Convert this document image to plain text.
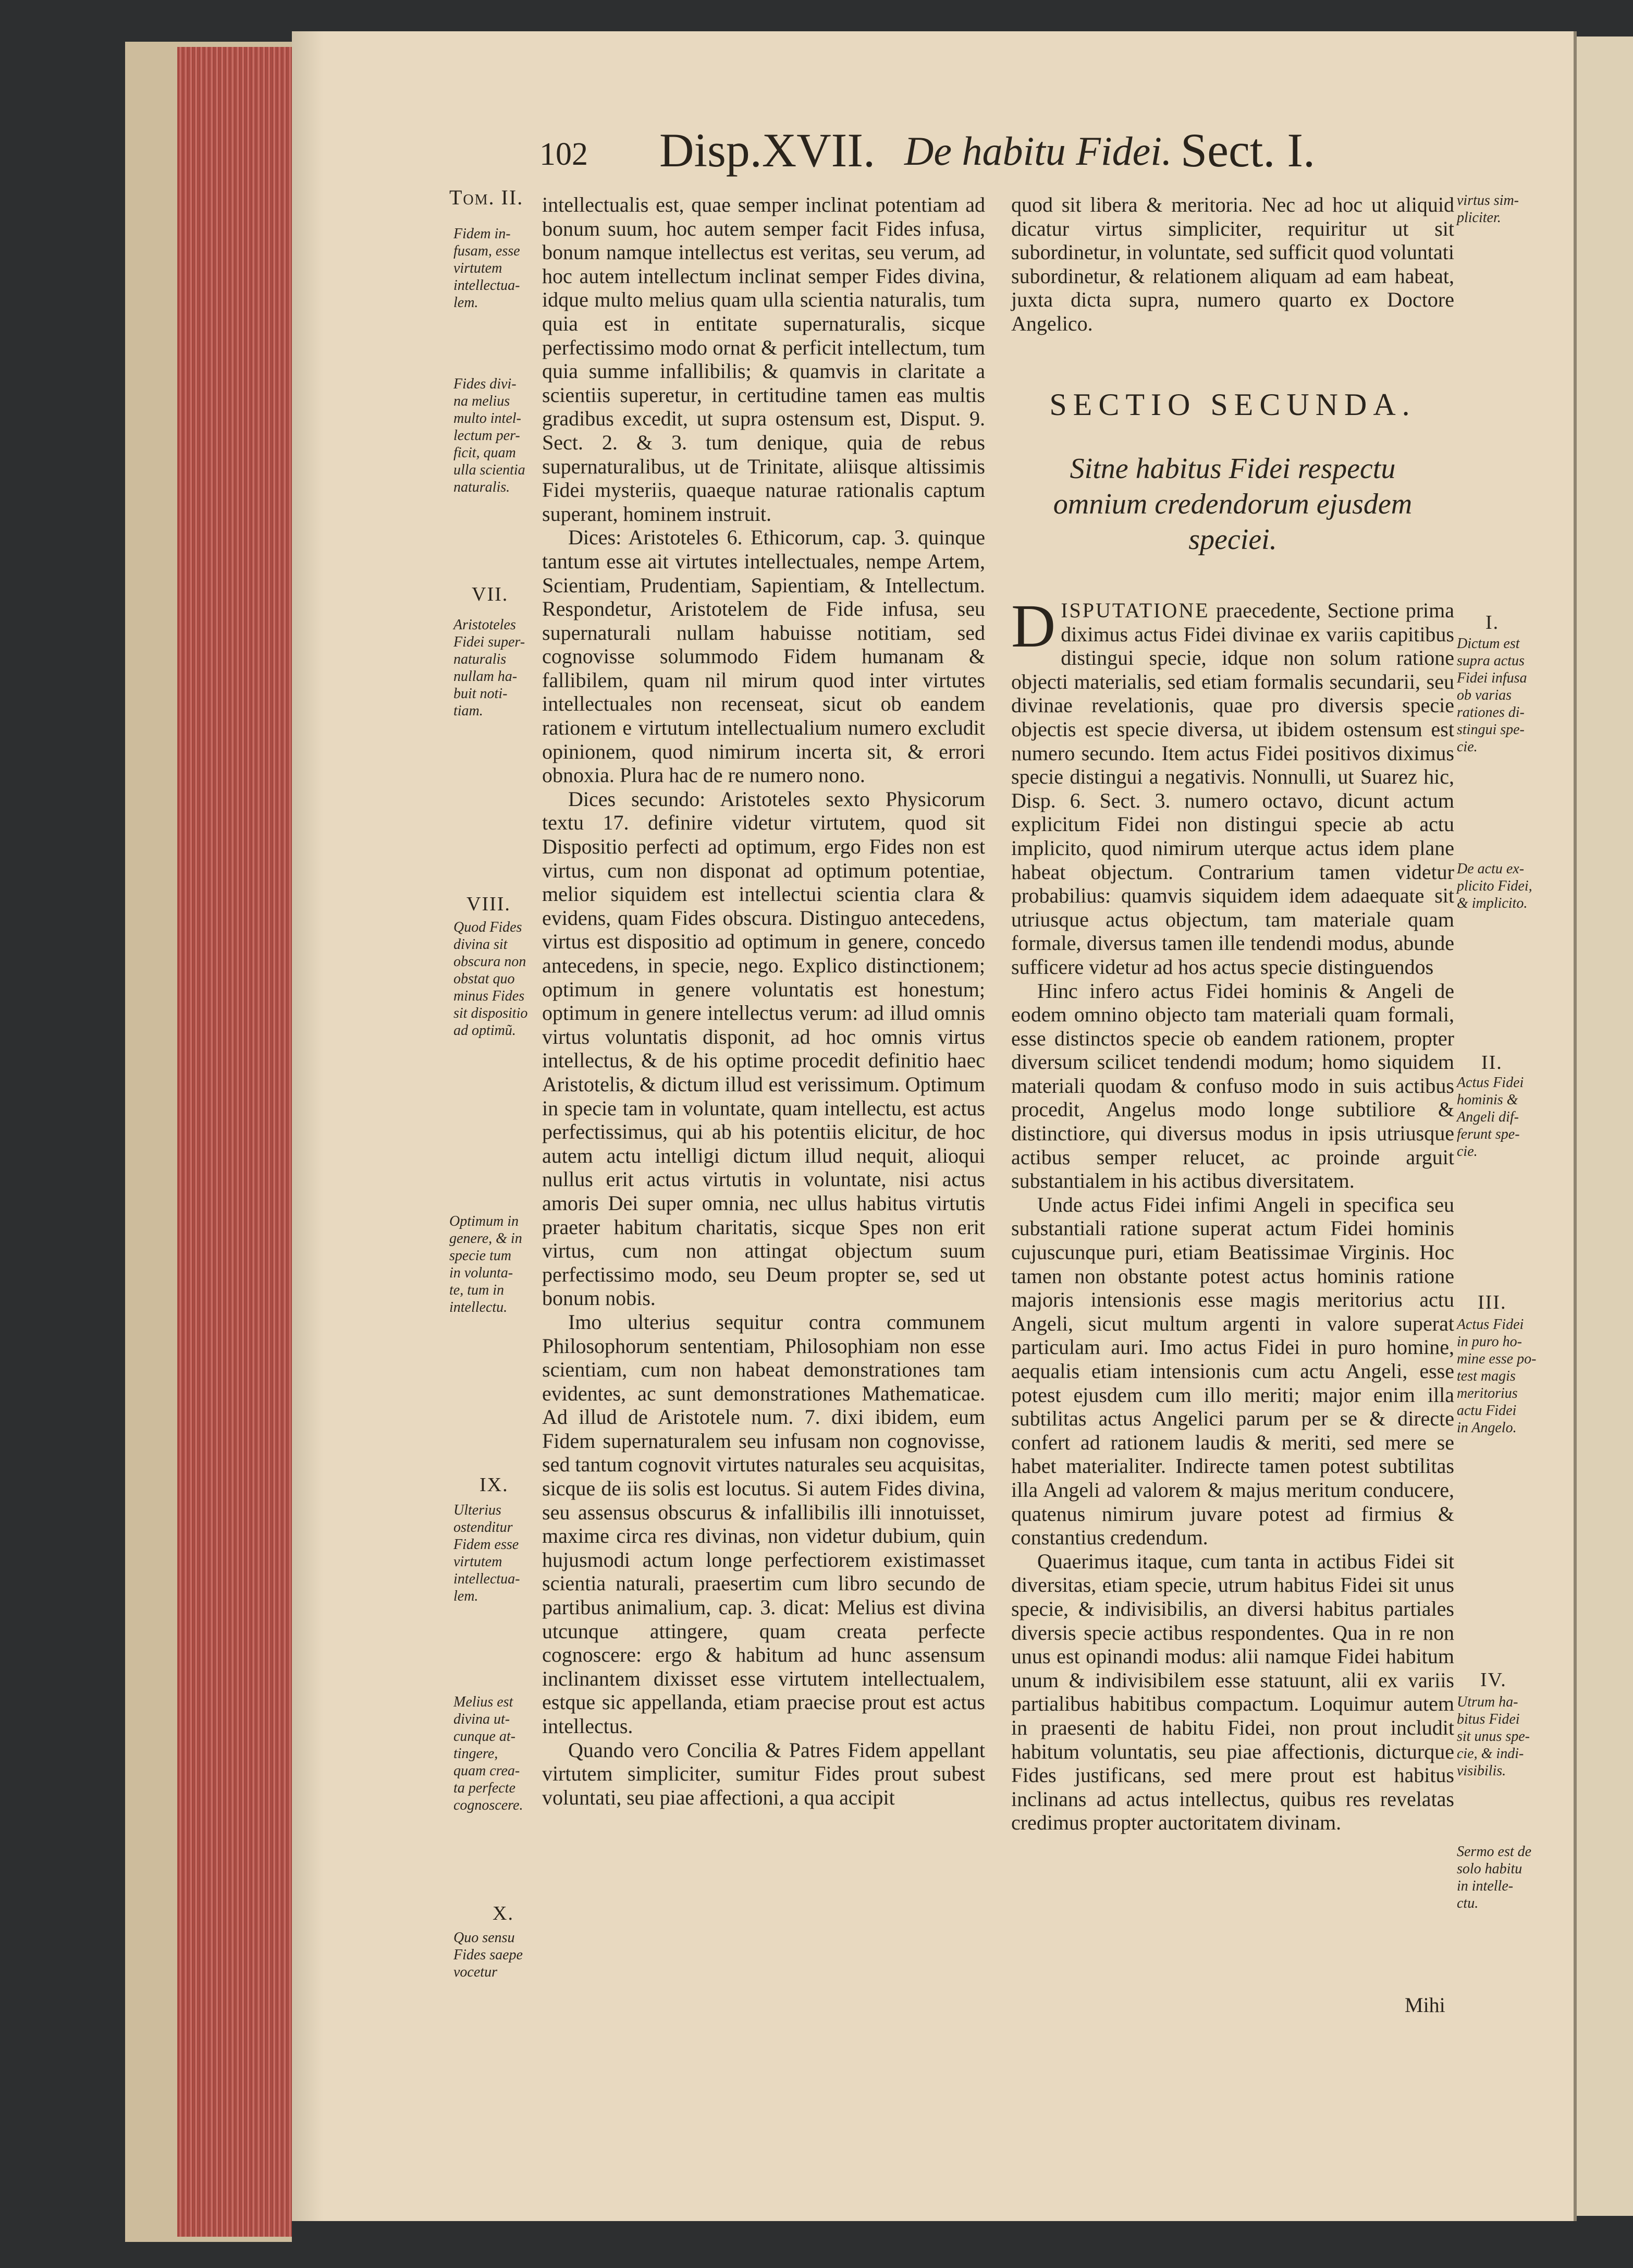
102 Disp.XVII. De habitu Fidei. Sect. I.
Tom. II.
Fidem in-
fusam, esse
virtutem
intellectua-
lem.
Fides divi-
na melius
multo intel-
lectum per-
ficit, quam
ulla scientia
naturalis.
VII.
Aristoteles
Fidei super-
naturalis
nullam ha-
buit noti-
tiam.
VIII.
Quod Fides
divina sit
obscura non
obstat quo
minus Fides
sit dispositio
ad optimũ.
Optimum in
genere, & in
specie tum
in volunta-
te, tum in
intellectu.
IX.
Ulterius
ostenditur
Fidem esse
virtutem
intellectua-
lem.
Melius est
divina ut-
cunque at-
tingere,
quam crea-
ta perfecte
cognoscere.
X.
Quo sensu
Fides saepe
vocetur

intellectualis est, quae semper inclinat potentiam ad bonum suum, hoc autem semper facit Fides infusa, bonum namque intellectus est veritas, seu verum, ad hoc autem intellectum inclinat semper Fides divina, idque multo melius quam ulla scientia naturalis, tum quia est in entitate supernaturalis, sicque perfectissimo modo ornat & perficit intellectum, tum quia summe infallibilis; & quamvis in claritate a scientiis superetur, in certitudine tamen eas multis gradibus excedit, ut supra ostensum est, Disput. 9. Sect. 2. & 3. tum denique, quia de rebus supernaturalibus, ut de Trinitate, aliisque altissimis Fidei mysteriis, quaeque naturae rationalis captum superant, hominem instruit.

Dices: Aristoteles 6. Ethicorum, cap. 3. quinque tantum esse ait virtutes intellectuales, nempe Artem, Scientiam, Prudentiam, Sapientiam, & Intellectum. Respondetur, Aristotelem de Fide infusa, seu supernaturali nullam habuisse notitiam, sed cognovisse solummodo Fidem humanam & fallibilem, quam nil mirum quod inter virtutes intellectuales non recenseat, sicut ob eandem rationem e virtutum intellectualium numero excludit opinionem, quod nimirum incerta sit, & errori obnoxia. Plura hac de re numero nono.

Dices secundo: Aristoteles sexto Physicorum textu 17. definire videtur virtutem, quod sit Dispositio perfecti ad optimum, ergo Fides non est virtus, cum non disponat ad optimum potentiae, melior siquidem est intellectui scientia clara & evidens, quam Fides obscura. Distinguo antecedens, virtus est dispositio ad optimum in genere, concedo antecedens, in specie, nego. Explico distinctionem; optimum in genere voluntatis est honestum; optimum in genere intellectus verum: ad illud omnis virtus voluntatis disponit, ad hoc omnis virtus intellectus, & de his optime procedit definitio haec Aristotelis, & dictum illud est verissimum. Optimum in specie tam in voluntate, quam intellectu, est actus perfectissimus, qui ab his potentiis elicitur, de hoc autem actu intelligi dictum illud nequit, alioqui nullus erit actus virtutis in voluntate, nisi actus amoris Dei super omnia, nec ullus habitus virtutis praeter habitum charitatis, sicque Spes non erit virtus, cum non attingat objectum suum perfectissimo modo, seu Deum propter se, sed ut bonum nobis.

Imo ulterius sequitur contra communem Philosophorum sententiam, Philosophiam non esse scientiam, cum non habeat demonstrationes tam evidentes, ac sunt demonstrationes Mathematicae. Ad illud de Aristotele num. 7. dixi ibidem, eum Fidem supernaturalem seu infusam non cognovisse, sed tantum cognovit virtutes naturales seu acquisitas, sicque de iis solis est locutus. Si autem Fides divina, seu assensus obscurus & infallibilis illi innotuisset, maxime circa res divinas, non videtur dubium, quin hujusmodi actum longe perfectiorem existimasset scientia naturali, praesertim cum libro secundo de partibus animalium, cap. 3. dicat: Melius est divina utcunque attingere, quam creata perfecte cognoscere: ergo & habitum ad hunc assensum inclinantem dixisset esse virtutem intellectualem, estque sic appellanda, etiam praecise prout est actus intellectus.

Quando vero Concilia & Patres Fidem appellant virtutem simpliciter, sumitur Fides prout subest voluntati, seu piae affectioni, a qua accipit

quod sit libera & meritoria. Nec ad hoc ut aliquid dicatur virtus simpliciter, requiritur ut sit subordinetur, in voluntate, sed sufficit quod voluntati subordinetur, & relationem aliquam ad eam habeat, juxta dicta supra, numero quarto ex Doctore Angelico.

SECTIO SECUNDA.
Sitne habitus Fidei respectu omnium credendorum ejusdem speciei.

DISPUTATIONE praecedente, Sectione prima diximus actus Fidei divinae ex variis capitibus distingui specie, idque non solum ratione objecti materialis, sed etiam formalis secundarii, seu divinae revelationis, quae pro diversis specie objectis est specie diversa, ut ibidem ostensum est numero secundo. Item actus Fidei positivos diximus specie distingui a negativis. Nonnulli, ut Suarez hic, Disp. 6. Sect. 3. numero octavo, dicunt actum explicitum Fidei non distingui specie ab actu implicito, quod nimirum uterque actus idem plane habeat objectum. Contrarium tamen videtur probabilius: quamvis siquidem idem adaequate sit utriusque actus objectum, tam materiale quam formale, diversus tamen ille tendendi modus, abunde sufficere videtur ad hos actus specie distinguendos

Hinc infero actus Fidei hominis & Angeli de eodem omnino objecto tam materiali quam formali, esse distinctos specie ob eandem rationem, propter diversum scilicet tendendi modum; homo siquidem materiali quodam & confuso modo in suis actibus procedit, Angelus modo longe subtiliore & distinctiore, qui diversus modus in ipsis utriusque actibus semper relucet, ac proinde arguit substantialem in his actibus diversitatem.

Unde actus Fidei infimi Angeli in specifica seu substantiali ratione superat actum Fidei hominis cujuscunque puri, etiam Beatissimae Virginis. Hoc tamen non obstante potest actus hominis ratione majoris intensionis esse magis meritorius actu Angeli, sicut multum argenti in valore superat particulam auri. Imo actus Fidei in puro homine, aequalis etiam intensionis cum actu Angeli, esse potest ejusdem cum illo meriti; major enim illa subtilitas actus Angelici parum per se & directe confert ad rationem laudis & meriti, sed mere se habet materialiter. Indirecte tamen potest subtilitas illa Angeli ad valorem & majus meritum conducere, quatenus nimirum juvare potest ad firmius & constantius credendum.

Quaerimus itaque, cum tanta in actibus Fidei sit diversitas, etiam specie, utrum habitus Fidei sit unus specie, & indivisibilis, an diversi habitus partiales diversis specie actibus respondentes. Qua in re non unus est opinandi modus: alii namque Fidei habitum unum & indivisibilem esse statuunt, alii ex variis partialibus habitibus compactum. Loquimur autem in praesenti de habitu Fidei, non prout includit habitum voluntatis, seu piae affectionis, dicturque Fides justificans, sed mere prout est habitus inclinans ad actus intellectus, quibus res revelatas credimus propter auctoritatem divinam.

Mihi
virtus sim-
pliciter.
I.
Dictum est
supra actus
Fidei infusa
ob varias
rationes di-
stingui spe-
cie.
De actu ex-
plicito Fidei,
& implicito.
II.
Actus Fidei
hominis &
Angeli dif-
ferunt spe-
cie.
III.
Actus Fidei
in puro ho-
mine esse po-
test magis
meritorius
actu Fidei
in Angelo.
IV.
Utrum ha-
bitus Fidei
sit unus spe-
cie, & indi-
visibilis.
Sermo est de
solo habitu
in intelle-
ctu.
